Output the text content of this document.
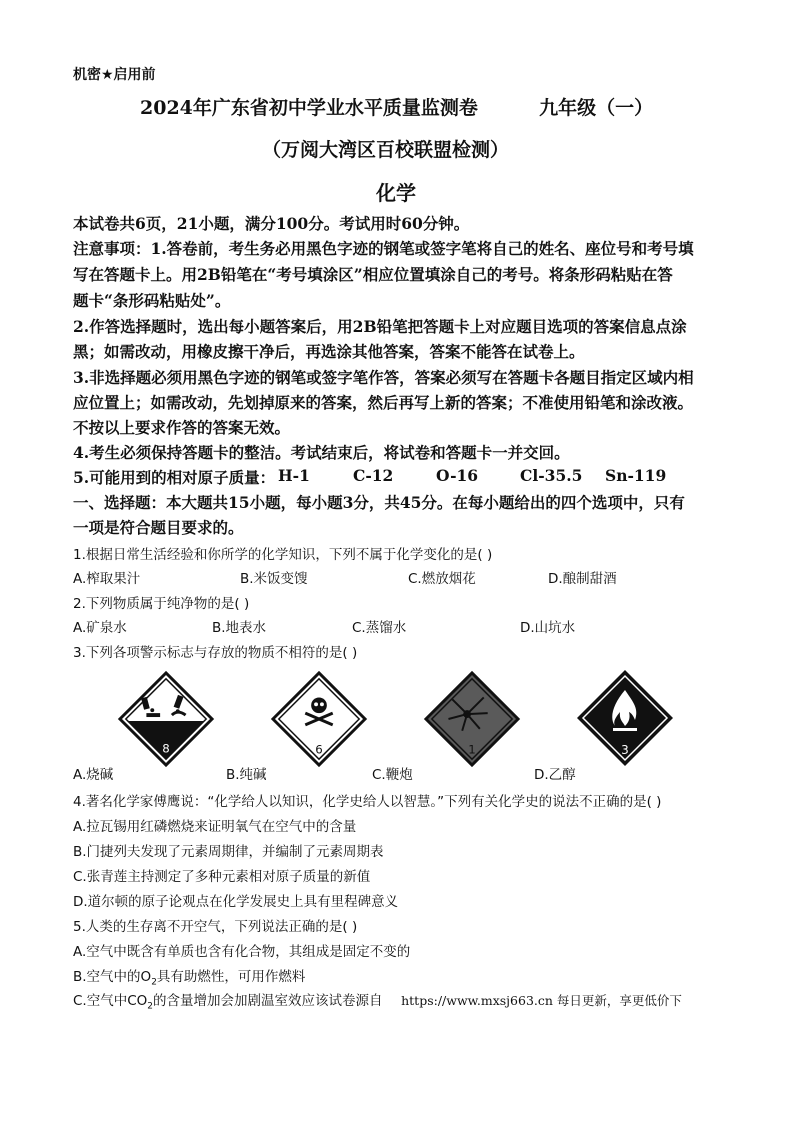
机密★启用前
2024年广东省初中学业水平质量监测卷	九年级（一）
（万阅大湾区百校联盟检测）
化学
本试卷共6页，21小题，满分100分。考试用时60分钟。
注意事项：1.答卷前，考生务必用黑色字迹的钢笔或签字笔将自己的姓名、座位号和考号填
写在答题卡上。用2B铅笔在“考号填涂区”相应位置填涂自己的考号。将条形码粘贴在答
题卡“条形码粘贴处”。
2.作答选择题时，选出每小题答案后，用2B铅笔把答题卡上对应题目选项的答案信息点涂
黑；如需改动，用橡皮擦干净后，再选涂其他答案，答案不能答在试卷上。
3.非选择题必须用黑色字迹的钢笔或签字笔作答，答案必须写在答题卡各题目指定区域内相
应位置上；如需改动，先划掉原来的答案，然后再写上新的答案；不准使用铅笔和涂改液。
不按以上要求作答的答案无效。
4.考生必须保持答题卡的整洁。考试结束后，将试卷和答题卡一并交回。
5.可能用到的相对原子质量： H-1	C-12	O-16	Cl-35.5 Sn-119
一、选择题：本大题共15小题，每小题3分，共45分。在每小题给出的四个选项中，只有
一项是符合题目要求的。
1.根据日常生活经验和你所学的化学知识，下列不属于化学变化的是( )
A.榨取果汁	B.米饭变馊	C.燃放烟花	D.酿制甜酒
2.下列物质属于纯净物的是( )
A.矿泉水	B.地表水	C.蒸馏水	D.山坑水
3.下列各项警示标志与存放的物质不相符的是( )
8	6	1	3
A.烧碱	B.纯碱	C.鞭炮	D.乙醇
4.著名化学家傅鹰说：“化学给人以知识，化学史给人以智慧。”下列有关化学史的说法不正确的是( )
A.拉瓦锡用红磷燃烧来证明氧气在空气中的含量
B.门捷列夫发现了元素周期律，并编制了元素周期表
C.张青莲主持测定了多种元素相对原子质量的新值
D.道尔顿的原子论观点在化学发展史上具有里程碑意义
5.人类的生存离不开空气，下列说法正确的是( )
A.空气中既含有单质也含有化合物，其组成是固定不变的
B.空气中的$O_2$具有助燃性，可用作燃料
C.空气中$CO_2$的含量增加会加剧温室效应该试卷源自 https://www.mxsj663.cn 每日更新，享更低价下
